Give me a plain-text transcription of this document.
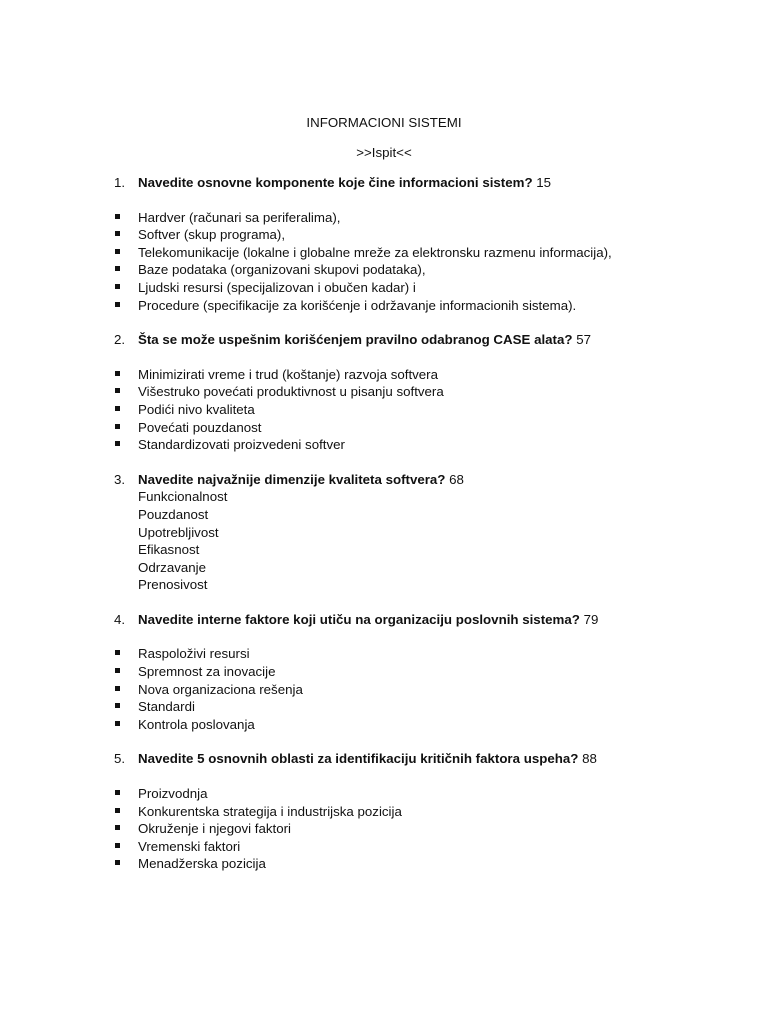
INFORMACIONI SISTEMI
>>Ispit<<
1. Navedite osnovne komponente koje čine informacioni sistem? 15
Hardver (računari sa periferalima),
Softver (skup programa),
Telekomunikacije (lokalne i globalne mreže za elektronsku razmenu informacija),
Baze podataka (organizovani skupovi podataka),
Ljudski resursi (specijalizovan i obučen kadar) i
Procedure (specifikacije za korišćenje i održavanje informacionih sistema).
2. Šta se može uspešnim korišćenjem pravilno odabranog CASE alata? 57
Minimizirati vreme i trud (koštanje) razvoja softvera
Višestruko povećati produktivnost u pisanju softvera
Podići nivo kvaliteta
Povećati pouzdanost
Standardizovati proizvedeni softver
3. Navedite najvažnije dimenzije kvaliteta softvera? 68
Funkcionalnost
Pouzdanost
Upotrebljivost
Efikasnost
Odrzavanje
Prenosivost
4. Navedite interne faktore koji utiču na organizaciju poslovnih sistema? 79
Raspoloživi resursi
Spremnost za inovacije
Nova organizaciona rešenja
Standardi
Kontrola poslovanja
5. Navedite 5 osnovnih oblasti za identifikaciju kritičnih faktora uspeha? 88
Proizvodnja
Konkurentska strategija i industrijska pozicija
Okruženje i njegovi faktori
Vremenski faktori
Menadžerska pozicija
